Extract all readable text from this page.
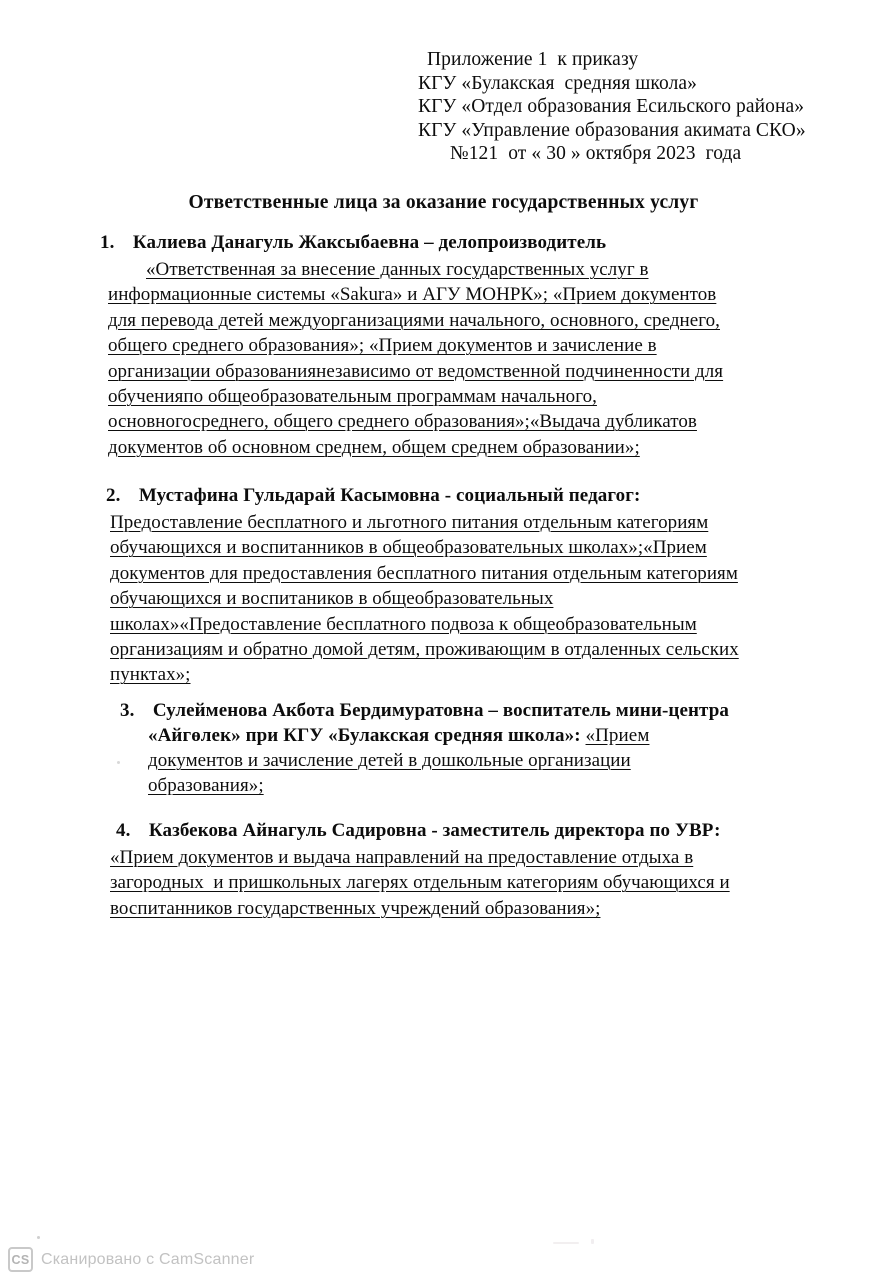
Приложение 1  к приказу
КГУ «Булакская  средняя школа»
КГУ «Отдел образования Есильского района»
КГУ «Управление образования акимата СКО»
№121  от « 30 » октября 2023  года
Ответственные лица за оказание государственных услуг
1. Калиева Данагуль Жаксыбаевна – делопроизводитель
«Ответственная за внесение данных государственных услуг в
информационные системы «Sakura» и АГУ МОНРК»; «Прием документов
для перевода детей междуорганизациями начального, основного, среднего,
общего среднего образования»; «Прием документов и зачисление в
организации образованиянезависимо от ведомственной подчиненности для
обученияпо общеобразовательным программам начального,
основногосреднего, общего среднего образования»;«Выдача дубликатов
документов об основном среднем, общем среднем образовании»;
2. Мустафина Гульдарай Касымовна - социальный педагог:
Предоставление бесплатного и льготного питания отдельным категориям
обучающихся и воспитанников в общеобразовательных школах»;«Прием
документов для предоставления бесплатного питания отдельным категориям
обучающихся и воспитаников в общеобразовательных
школах»«Предоставление бесплатного подвоза к общеобразовательным
организациям и обратно домой детям, проживающим в отдаленных сельских
пунктах»;
3. Сулейменова Акбота Бердимуратовна – воспитатель мини-центра
«Айгөлек» при КГУ «Булакская средняя школа»: «Прием
документов и зачисление детей в дошкольные организации
образования»;
4. Казбекова Айнагуль Садировна - заместитель директора по УВР:
«Прием документов и выдача направлений на предоставление отдыха в
загородных  и пришкольных лагерях отдельным категориям обучающихся и
воспитанников государственных учреждений образования»;
CS Сканировано с CamScanner
